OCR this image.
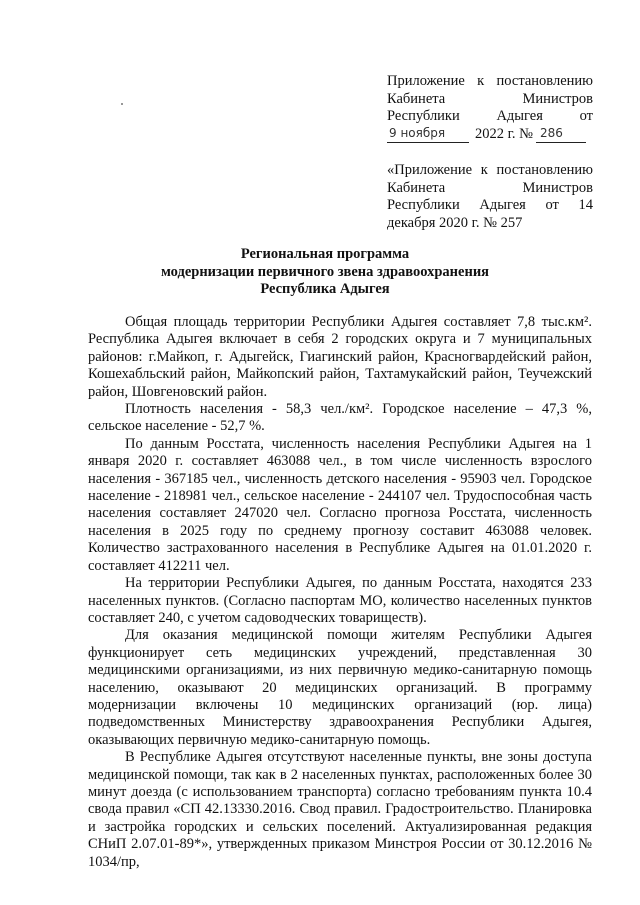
Приложение к постановлению
Кабинета	Министров
Республики	Адыгея	от
9 ноября	2022 г. № 286
«Приложение к постановлению
Кабинета	Министров
Республики Адыгея от 14
декабря 2020 г. № 257
Региональная программа
модернизации первичного звена здравоохранения
Республика Адыгея

Общая площадь территории Республики Адыгея составляет 7,8 тыс.км². Республика Адыгея включает в себя 2 городских округа и 7 муниципальных районов: г.Майкоп, г. Адыгейск, Гиагинский район, Красногвардейский район, Кошехабльский район, Майкопский район, Тахтамукайский район, Теучежский район, Шовгеновский район.

Плотность населения - 58,3 чел./км². Городское население – 47,3 %, сельское население - 52,7 %.

По данным Росстата, численность населения Республики Адыгея на 1 января 2020 г. составляет 463088 чел., в том числе численность взрослого населения - 367185 чел., численность детского населения - 95903 чел. Городское население - 218981 чел., сельское население - 244107 чел. Трудоспособная часть населения составляет 247020 чел. Согласно прогноза Росстата, численность населения в 2025 году по среднему прогнозу составит 463088 человек. Количество застрахованного населения в Республике Адыгея на 01.01.2020 г. составляет 412211 чел.

На территории Республики Адыгея, по данным Росстата, находятся 233 населенных пунктов. (Согласно паспортам МО, количество населенных пунктов составляет 240, с учетом садоводческих товариществ).

Для оказания медицинской помощи жителям Республики Адыгея функционирует сеть медицинских учреждений, представленная 30 медицинскими организациями, из них первичную медико-санитарную помощь населению, оказывают 20 медицинских организаций. В программу модернизации включены 10 медицинских организаций (юр. лица) подведомственных Министерству здравоохранения Республики Адыгея, оказывающих первичную медико-санитарную помощь.

В Республике Адыгея отсутствуют населенные пункты, вне зоны доступа медицинской помощи, так как в 2 населенных пунктах, расположенных более 30 минут доезда (с использованием транспорта) согласно требованиям пункта 10.4 свода правил «СП 42.13330.2016. Свод правил. Градостроительство. Планировка и застройка городских и сельских поселений. Актуализированная редакция СНиП 2.07.01-89*», утвержденных приказом Минстроя России от 30.12.2016 № 1034/пр,
